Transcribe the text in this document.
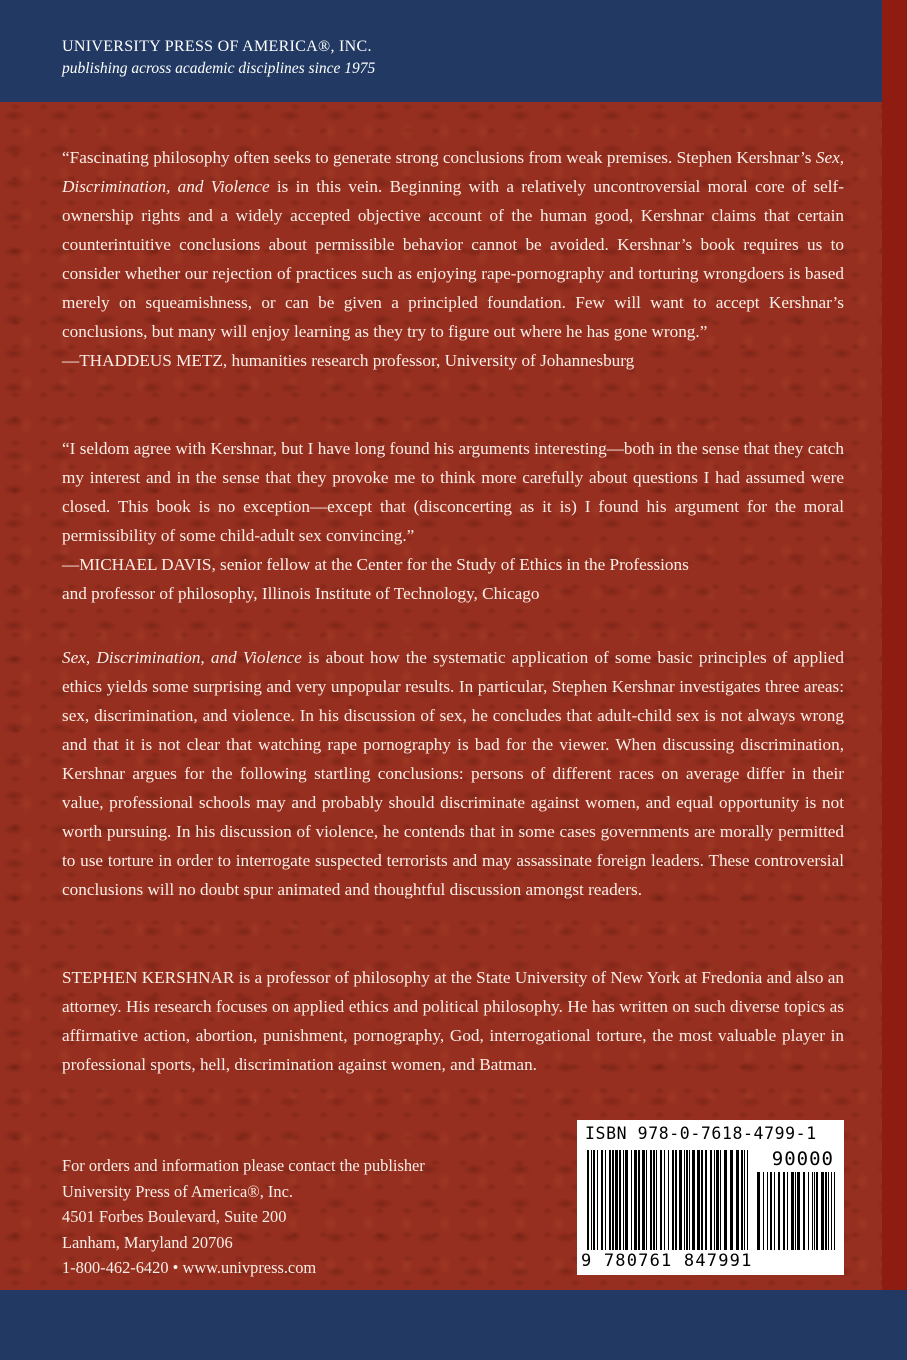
UNIVERSITY PRESS OF AMERICA®, INC.
publishing across academic disciplines since 1975

“Fascinating philosophy often seeks to generate strong conclusions from weak premises. Stephen Kershnar’s Sex, Discrimination, and Violence is in this vein. Beginning with a relatively uncontroversial moral core of self-ownership rights and a widely accepted objective account of the human good, Kershnar claims that certain counterintuitive conclusions about permissible behavior cannot be avoided. Kershnar’s book requires us to consider whether our rejection of practices such as enjoying rape-pornography and torturing wrongdoers is based merely on squeamishness, or can be given a principled foundation. Few will want to accept Kershnar’s conclusions, but many will enjoy learning as they try to figure out where he has gone wrong.”

—THADDEUS METZ, humanities research professor, University of Johannesburg

“I seldom agree with Kershnar, but I have long found his arguments interesting—both in the sense that they catch my interest and in the sense that they provoke me to think more carefully about questions I had assumed were closed. This book is no exception—except that (disconcerting as it is) I found his argument for the moral permissibility of some child-adult sex convincing.”

—MICHAEL DAVIS, senior fellow at the Center for the Study of Ethics in the Professions

and professor of philosophy, Illinois Institute of Technology, Chicago

Sex, Discrimination, and Violence is about how the systematic application of some basic principles of applied ethics yields some surprising and very unpopular results. In particular, Stephen Kershnar investigates three areas: sex, discrimination, and violence. In his discussion of sex, he concludes that adult-child sex is not always wrong and that it is not clear that watching rape pornography is bad for the viewer. When discussing discrimination, Kershnar argues for the following startling conclusions: persons of different races on average differ in their value, professional schools may and probably should discriminate against women, and equal opportunity is not worth pursuing. In his discussion of violence, he contends that in some cases governments are morally permitted to use torture in order to interrogate suspected terrorists and may assassinate foreign leaders. These controversial conclusions will no doubt spur animated and thoughtful discussion amongst readers.

STEPHEN KERSHNAR is a professor of philosophy at the State University of New York at Fredonia and also an attorney. His research focuses on applied ethics and political philosophy. He has written on such diverse topics as affirmative action, abortion, punishment, pornography, God, interrogational torture, the most valuable player in professional sports, hell, discrimination against women, and Batman.

For orders and information please contact the publisher
University Press of America®, Inc.
4501 Forbes Boulevard, Suite 200
Lanham, Maryland 20706
1-800-462-6420 • www.univpress.com
ISBN 978-0-7618-4799-1
90000
9 780761 847991
